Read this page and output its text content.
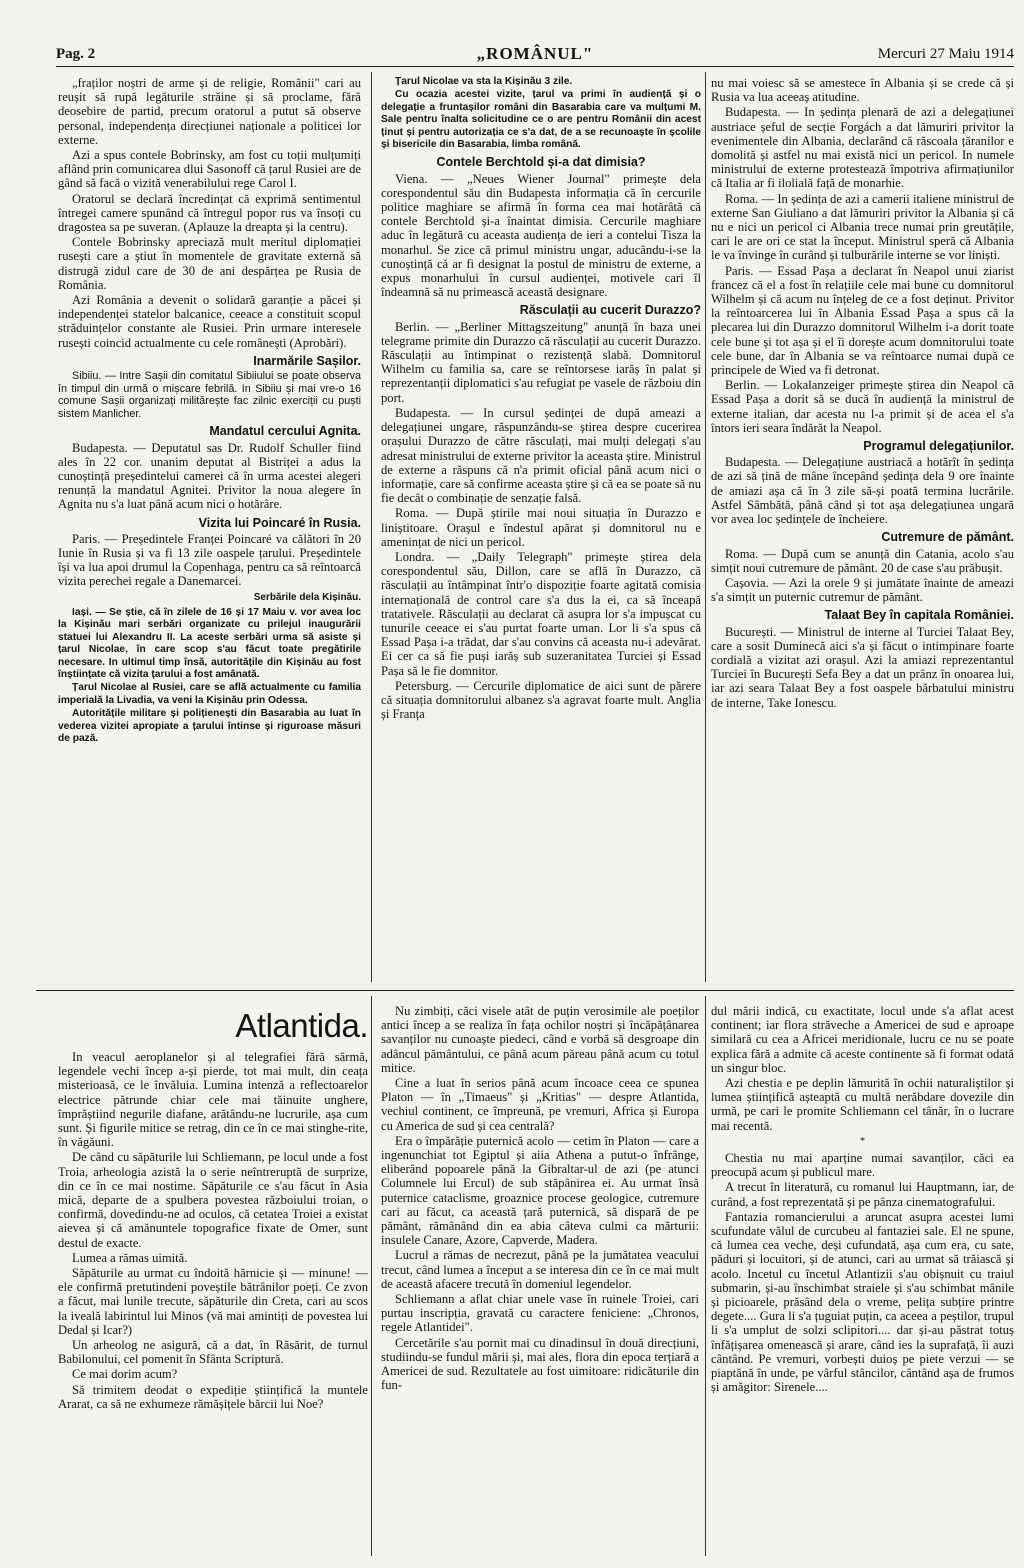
Pag. 2	„ROMÂNUL"	Mercuri 27 Maiu 1914

„fraților noștri de arme și de religie, Românii" cari au reușit să rupă legăturile străine și să proclame, fără deosebire de partid, precum oratorul a putut să observe personal, independența direcțiunei naționale a politicei lor externe.

Azi a spus contele Bobrinsky, am fost cu toții mulțumiți aflând prin comunicarea dlui Sasonoff că țarul Rusiei are de gând să facă o vizită venerabilului rege Carol I.

Oratorul se declară încredințat că exprimă sentimentul întregei camere spunând că întregul popor rus va însoți cu dragostea sa pe suveran. (Aplauze la dreapta și la centru).

Contele Bobrinsky apreciază mult meritul diplomației rusești care a știut în momentele de gravitate externă să distrugă zidul care de 30 de ani despărțea pe Rusia de România.

Azi România a devenit o solidară garanție a păcei și independenței statelor balcanice, ceeace a constituit scopul străduințelor constante ale Rusiei. Prin urmare interesele rusești coincid actualmente cu cele românești (Aprobări).

Inarmările Sașilor.

Sibiiu. — Intre Sașii din comitatul Sibiiului se poate observa în timpul din urmă o mișcare febrilă. In Sibiiu și mai vre-o 16 comune Sașii organizați militărește fac zilnic exerciții cu puști sistem Manlicher.

Mandatul cercului Agnita.

Budapesta. — Deputatul sas Dr. Rudolf Schuller fiind ales în 22 cor. unanim deputat al Bistriței a adus la cunoștință președintelui camerei că în urma acestei alegeri renunță la mandatul Agnitei. Privitor la noua alegere în Agnita nu s'a luat până acum nici o hotărâre.

Vizita lui Poincaré în Rusia.

Paris. — Președintele Franței Poincaré va călători în 20 Iunie în Rusia și va fi 13 zile oaspele țarului. Președintele își va lua apoi drumul la Copenhaga, pentru ca să reîntoarcă vizita perechei regale a Danemarcei.

Serbările dela Kișinău.

Iași. — Se știe, că în zilele de 16 și 17 Maiu v. vor avea loc la Kișinău mari serbări organizate cu prilejul inaugurării statuei lui Alexandru II. La aceste serbări urma să asiste și țarul Nicolae, în care scop s'au făcut toate pregătirile necesare. In ultimul timp însă, autoritățile din Kișinău au fost înștiințate că vizita țarului a fost amânată.

Țarul Nicolae al Rusiei, care se află actualmente cu familia imperială la Livadia, va veni la Kișinău prin Odessa.

Autoritățile militare și polițienești din Basarabia au luat în vederea vizitei apropiate a țarului întinse și riguroase măsuri de pază.

Țarul Nicolae va sta la Kișinău 3 zile.

Cu ocazia acestei vizite, țarul va primi în audiență și o delegație a fruntașilor români din Basarabia care va mulțumi M. Sale pentru înalta solicitudine ce o are pentru Românii din acest ținut și pentru autorizația ce s'a dat, de a se recunoaște în școlile și bisericile din Basarabia, limba română.

Contele Berchtold și-a dat dimisia?

Viena. — „Neues Wiener Journal" primește dela corespondentul său din Budapesta informația că în cercurile politice maghiare se afirmă în forma cea mai hotărâtă că contele Berchtold și-a înaintat dimisia. Cercurile maghiare aduc în legătură cu aceasta audiența de ieri a contelui Tisza la monarhul. Se zice că primul ministru ungar, aducându-i-se la cunoștință că ar fi designat la postul de ministru de externe, a expus monarhului în cursul audienței, motivele cari îl îndeamnă să nu primească această designare.

Răsculații au cucerit Durazzo?

Berlin. — „Berliner Mittagszeitung" anunță în baza unei telegrame primite din Durazzo că răsculații au cucerit Durazzo. Răsculații au întimpinat o rezistență slabă. Domnitorul Wilhelm cu familia sa, care se reîntorsese iarăș în palat și reprezentanții diplomatici s'au refugiat pe vasele de războiu din port.

Budapesta. — In cursul ședinței de după ameazi a delegațiunei ungare, răspunzându-se știrea despre cucerirea orașului Durazzo de către răsculați, mai mulți delegați s'au adresat ministrului de externe privitor la aceasta știre. Ministrul de externe a răspuns că n'a primit oficial până acum nici o informație, care să confirme aceasta știre și că ea se poate să nu fie decât o combinație de senzație falsă.

Roma. — După știrile mai noui situația în Durazzo e liniștitoare. Orașul e îndestul apărat și domnitorul nu e amenințat de nici un pericol.

Londra. — „Daily Telegraph" primește știrea dela corespondentul său, Dillon, care se află în Durazzo, că răsculații au întâmpinat într'o dispoziție foarte agitată comisia internațională de control care s'a dus la ei, ca să înceapă tratativele. Răsculații au declarat că asupra lor s'a impușcat cu tunurile ceeace ei s'au purtat foarte uman. Lor li s'a spus că Essad Pașa i-a trădat, dar s'au convins că aceasta nu-i adevărat. Ei cer ca să fie puși iarăș sub suzeranitatea Turciei și Essad Pașa să le fie domnitor.

Petersburg. — Cercurile diplomatice de aici sunt de părere că situația domnitorului albanez s'a agravat foarte mult. Anglia și Franța

nu mai voiesc să se amestece în Albania și se crede că și Rusia va lua aceeaș atitudine.

Budapesta. — In ședința plenară de azi a delegațiunei austriace șeful de secție Forgách a dat lămuriri privitor la evenimentele din Albania, declarând că răscoala țăranilor e domolită și astfel nu mai există nici un pericol. In numele ministrului de externe protestează împotriva afirmațiunilor că Italia ar fi ilolială față de monarhie.

Roma. — In ședința de azi a camerii italiene ministrul de externe San Giuliano a dat lămuriri privitor la Albania și că nu e nici un pericol ci Albania trece numai prin greutățile, cari le are ori ce stat la început. Ministrul speră că Albania le va învinge în curând și tulburările interne se vor liniști.

Paris. — Essad Pașa a declarat în Neapol unui ziarist francez că el a fost în relațiile cele mai bune cu domnitorul Wilhelm și că acum nu înțeleg de ce a fost deținut. Privitor la reîntoarcerea lui în Albania Essad Pașa a spus că la plecarea lui din Durazzo domnitorul Wilhelm i-a dorit toate cele bune și tot așa și el îi dorește acum domnitorului toate cele bune, dar în Albania se va reîntoarce numai după ce principele de Wied va fi detronat.

Berlin. — Lokalanzeiger primește știrea din Neapol că Essad Pașa a dorit să se ducă în audiență la ministrul de externe italian, dar acesta nu l-a primit și de acea el s'a întors ieri seara îndărăt la Neapol.

Programul delegațiunilor.

Budapesta. — Delegațiune austriacă a hotărît în ședința de azi să țină de mâne începând ședința dela 9 ore înainte de amiazi așa că în 3 zile să-și poată termina lucrările. Astfel Sâmbătă, până când și tot așa delegațiunea ungară vor avea loc ședințele de încheiere.

Cutremure de pământ.

Roma. — După cum se anunță din Catania, acolo s'au simțit noui cutremure de pământ. 20 de case s'au prăbușit.

Cașovia. — Azi la orele 9 și jumătate înainte de ameazi s'a simțit un puternic cutremur de pământ.

Talaat Bey în capitala României.

București. — Ministrul de interne al Turciei Talaat Bey, care a sosit Duminecă aici s'a și făcut o intimpinare foarte cordială a vizitat azi orașul. Azi la amiazi reprezentantul Turciei în București Sefa Bey a dat un prânz în onoarea lui, iar azi seara Talaat Bey a fost oaspele bărbatului ministru de interne, Take Ionescu.

Atlantida.

In veacul aeroplanelor și al telegrafiei fără sârmă, legendele vechi încep a-și pierde, tot mai mult, din ceața misterioasă, ce le învăluia. Lumina intenză a reflectoarelor electrice pătrunde chiar cele mai tăinuite unghere, împrăștiind negurile diafane, arătându-ne lucrurile, așa cum sunt. Și figurile mitice se retrag, din ce în ce mai stinghe-rite, în văgăuni.

De când cu săpăturile lui Schliemann, pe locul unde a fost Troia, arheologia azistă la o serie neîntreruptă de surprize, din ce în ce mai nostime. Săpăturile ce s'au făcut în Asia mică, departe de a spulbera povestea războiului troian, o confirmă, dovedindu-ne ad oculos, că cetatea Troiei a existat aievea și că amănuntele topografice fixate de Omer, sunt destul de exacte.

Lumea a rămas uimită.

Săpăturile au urmat cu îndoită hărnicie și — minune! — ele confirmă pretutindeni poveștile bătrânilor poeți. Ce zvon a făcut, mai lunile trecute, săpăturile din Creta, cari au scos la iveală labirintul lui Minos (vă mai amintiți de povestea lui Dedal și Icar?)

Un arheolog ne asigură, că a dat, în Răsărit, de turnul Babilonului, cel pomenit în Sfânta Scriptură.

Ce mai dorim acum?

Să trimitem deodat o expediție științifică la muntele Ararat, ca să ne exhumeze rămășițele bărcii lui Noe?

Nu zimbiți, căci visele atât de puțin verosimile ale poeților antici încep a se realiza în fața ochilor noștri și încăpățânarea savanților nu cunoaște piedeci, când e vorbă să desgroape din adâncul pământului, ce până acum păreau până acum cu totul mitice.

Cine a luat în serios până acum încoace ceea ce spunea Platon — în „Timaeus" și „Kritias" — despre Atlantida, vechiul continent, ce împreună, pe vremuri, Africa și Europa cu America de sud și cea centrală?

Era o împărăție puternică acolo — cetim în Platon — care a ingenunchiat tot Egiptul și aiia Athena a putut-o înfrânge, eliberând popoarele până la Gibraltar-ul de azi (pe atunci Columnele lui Ercul) de sub stăpânirea ei. Au urmat însă puternice cataclisme, groaznice procese geologice, cutremure cari au făcut, ca această țară puternică, să dispară de pe pământ, rămânând din ea abia câteva culmi ca mărturii: insulele Canare, Azore, Capverde, Madera.

Lucrul a rămas de necrezut, până pe la jumătatea veacului trecut, când lumea a început a se interesa din ce în ce mai mult de această afacere trecută în domeniul legendelor.

Schliemann a aflat chiar unele vase în ruinele Troiei, cari purtau inscripția, gravată cu caractere feniciene: „Chronos, regele Atlantidei".

Cercetările s'au pornit mai cu dinadinsul în două direcțiuni, studiindu-se fundul mării și, mai ales, flora din epoca terțiară a Americei de sud. Rezultatele au fost uimitoare: ridicăturile din fun-

dul mării indică, cu exactitate, locul unde s'a aflat acest continent; iar flora străveche a Americei de sud e aproape similară cu cea a Africei meridionale, lucru ce nu se poate explica fără a admite că aceste continente să fi format odată un singur bloc.

Azi chestia e pe deplin lămurită în ochii naturaliștilor și lumea științifică așteaptă cu multă nerăbdare dovezile din urmă, pe cari le promite Schliemann cel tânăr, în o lucrare mai recentă.

*

Chestia nu mai aparține numai savanților, căci ea preocupă acum și publicul mare.

A trecut în literatură, cu romanul lui Hauptmann, iar, de curând, a fost reprezentată și pe pânza cinematografului.

Fantazia romancierului a aruncat asupra acestei lumi scufundate vălul de curcubeu al fantaziei sale. El ne spune, că lumea cea veche, deși cufundată, așa cum era, cu sate, păduri și locuitori, și de atunci, cari au urmat să trăiască și acolo. Incetul cu încetul Atlantizii s'au obișnuit cu traiul submarin, și-au înschimbat straiele și s'au schimbat mânile și picioarele, prăsând dela o vreme, pelița subțire printre degete.... Gura li s'a țuguiat puțin, ca aceea a peștilor, trupul li s'a umplut de solzi sclipitori.... dar și-au păstrat totuș înfățișarea omenească și arare, când ies la suprafață, îi auzi cântând. Pe vremuri, vorbești duioș pe piete verzui — se piaptănă în unde, pe vârful stâncilor, cântând așa de frumos și amăgitor: Sirenele....
